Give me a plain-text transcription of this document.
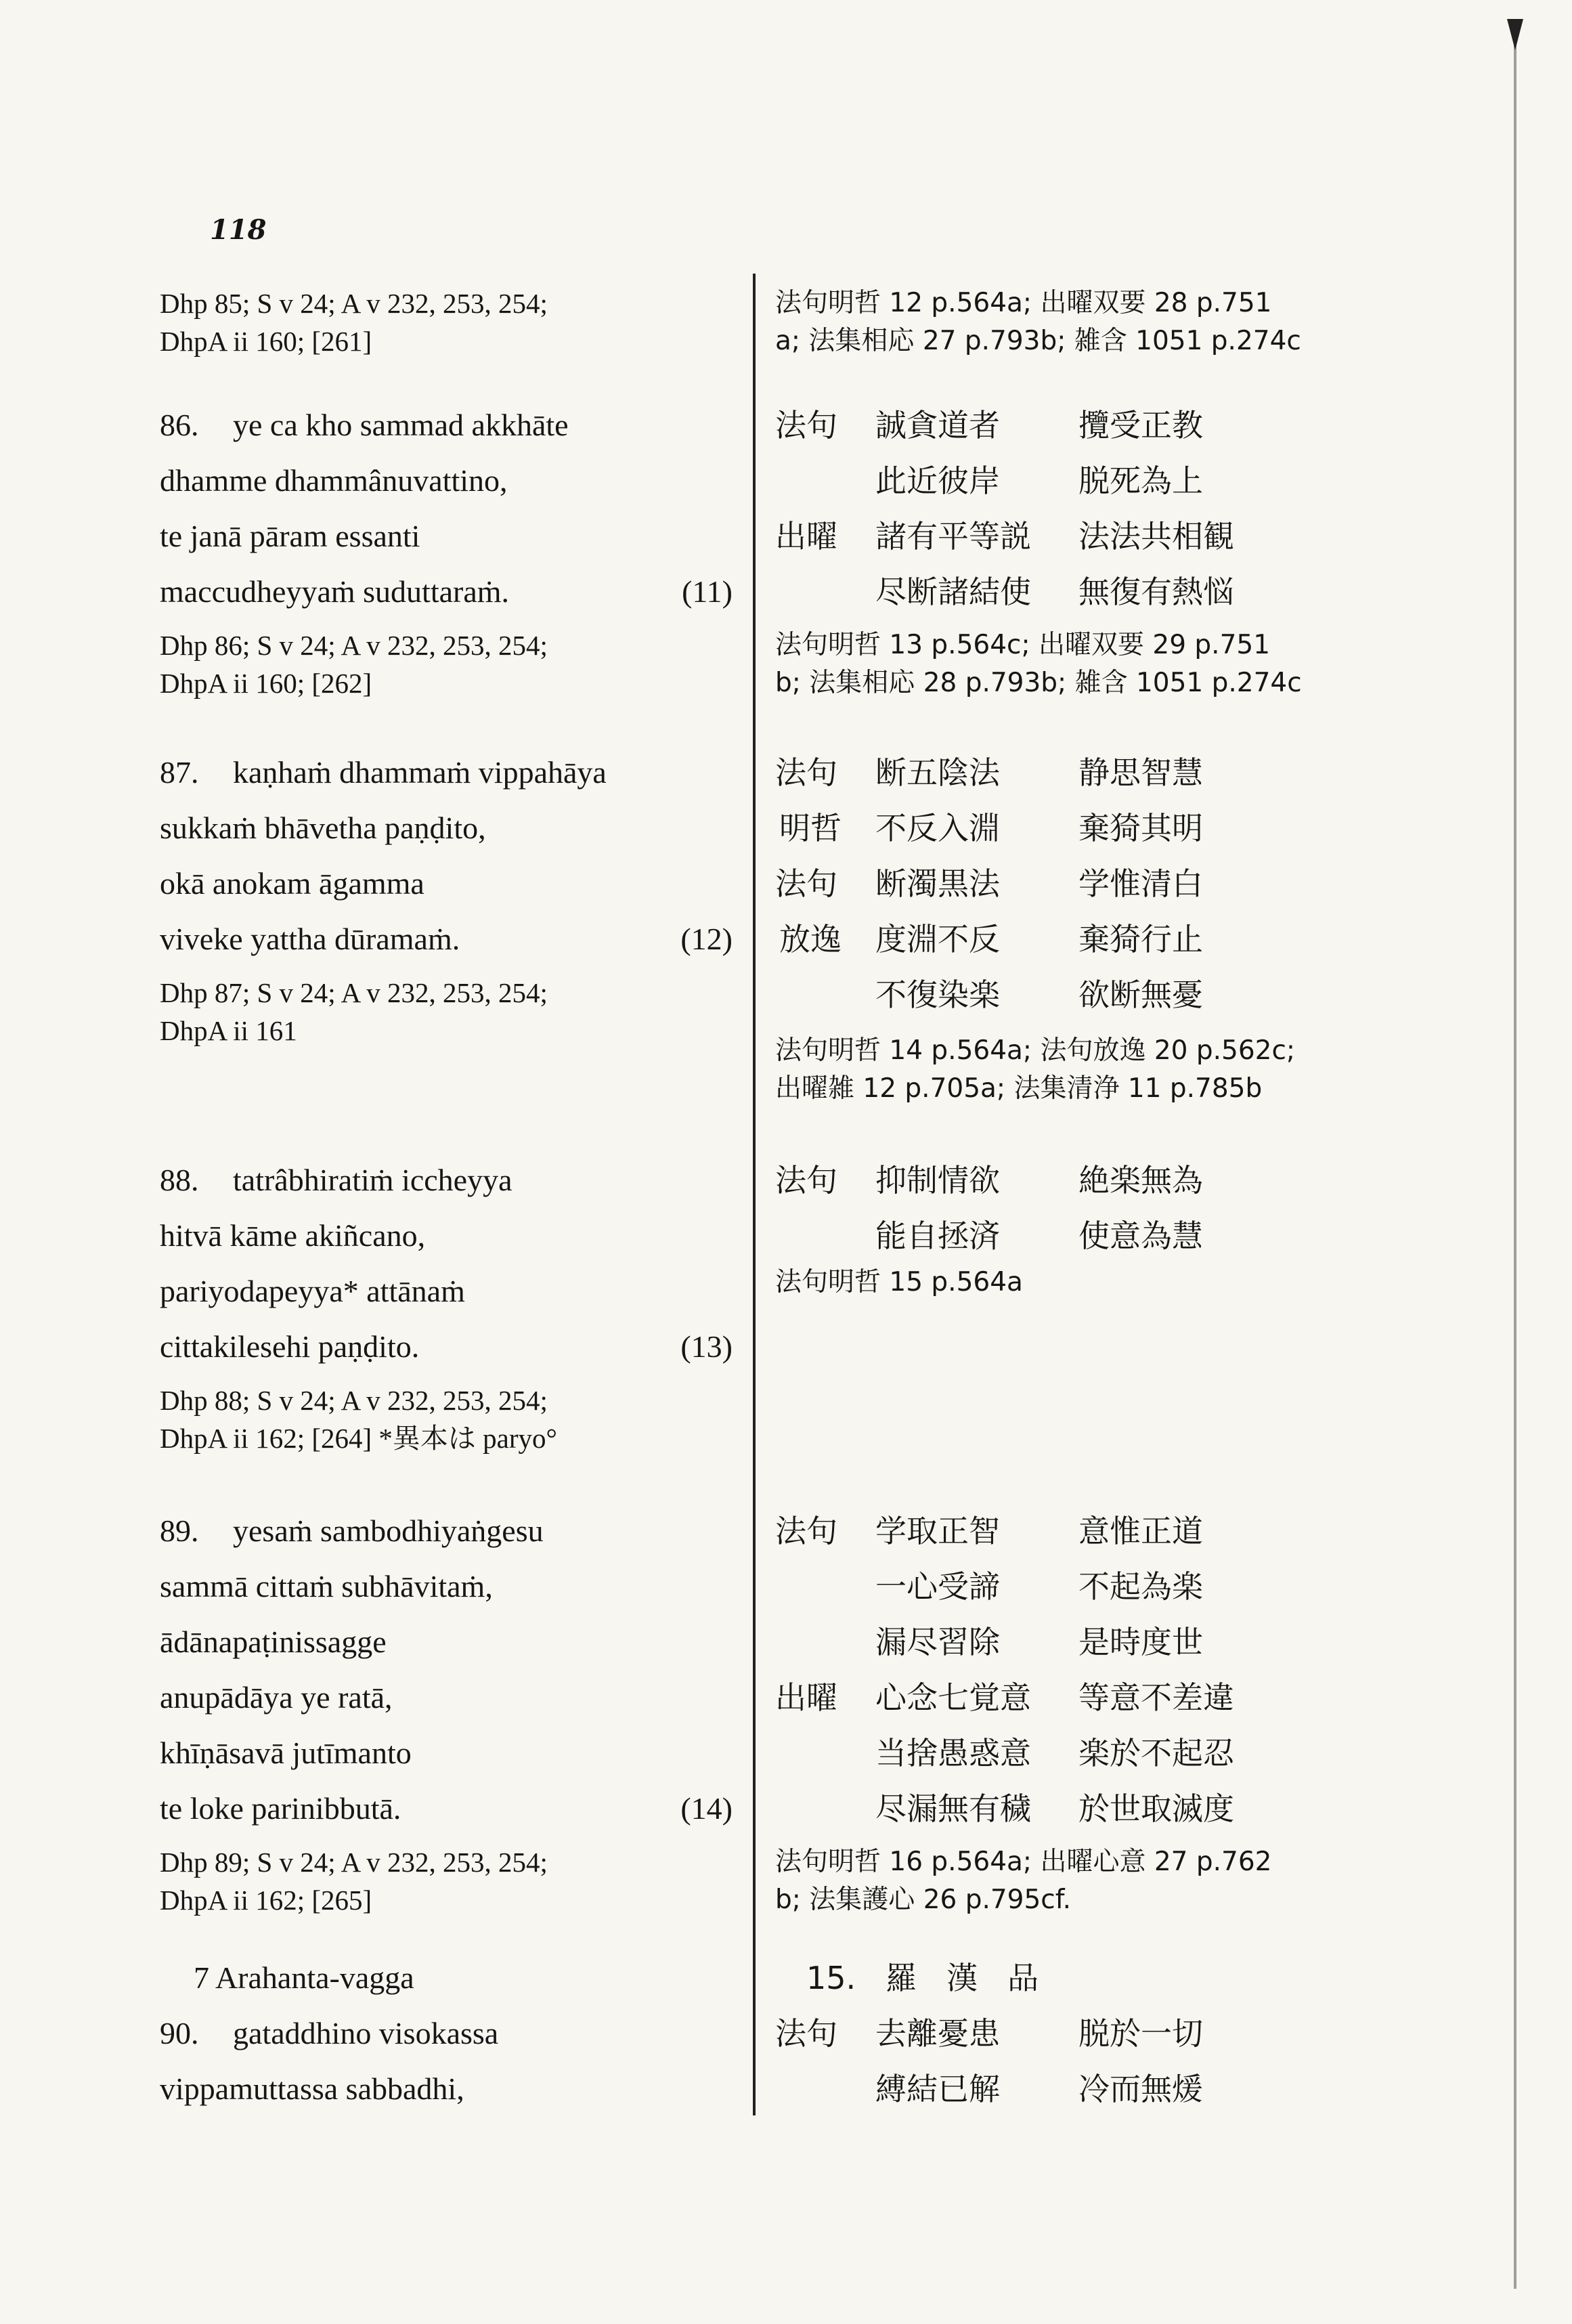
118
Dhp 85; S v 24; A v 232, 253, 254;
DhpA ii 160; [261]
86. ye ca kho sammad akkhāte
dhamme dhammânuvattino,
te janā pāram essanti
maccudheyyaṁ suduttaraṁ.	(11)
Dhp 86; S v 24; A v 232, 253, 254;
DhpA ii 160; [262]
87. kaṇhaṁ dhammaṁ vippahāya
sukkaṁ bhāvetha paṇḍito,
okā anokam āgamma
viveke yattha dūramaṁ.	(12)
Dhp 87; S v 24; A v 232, 253, 254;
DhpA ii 161
88. tatrâbhiratiṁ iccheyya
hitvā kāme akiñcano,
pariyodapeyya* attānaṁ
cittakilesehi paṇḍito.	(13)
Dhp 88; S v 24; A v 232, 253, 254;
DhpA ii 162; [264] *異本は paryo°
89. yesaṁ sambodhiyaṅgesu
sammā cittaṁ subhāvitaṁ,
ādānapaṭinissagge
anupādāya ye ratā,
khīṇāsavā jutīmanto
te loke parinibbutā.	(14)
Dhp 89; S v 24; A v 232, 253, 254;
DhpA ii 162; [265]
7 Arahanta-vagga
90. gataddhino visokassa
vippamuttassa sabbadhi,
法句明哲 12 p.564a; 出曜双要 28 p.751
a; 法集相応 27 p.793b; 雑含 1051 p.274c
法句 誠貪道者	攬受正教
此近彼岸	脱死為上
出曜 諸有平等説 法法共相観
尽断諸結使 無復有熱悩
法句明哲 13 p.564c; 出曜双要 29 p.751
b; 法集相応 28 p.793b; 雑含 1051 p.274c
法句 断五陰法	静思智慧
明哲 不反入淵	棄猗其明
法句 断濁黒法	学惟清白
放逸 度淵不反	棄猗行止
不復染楽	欲断無憂
法句明哲 14 p.564a; 法句放逸 20 p.562c;
出曜雑 12 p.705a; 法集清浄 11 p.785b
法句 抑制情欲	絶楽無為
能自拯済	使意為慧
法句明哲 15 p.564a
法句 学取正智	意惟正道
一心受諦	不起為楽
漏尽習除	是時度世
出曜 心念七覚意 等意不差違
当捨愚惑意 楽於不起忍
尽漏無有穢 於世取滅度
法句明哲 16 p.564a; 出曜心意 27 p.762
b; 法集護心 26 p.795cf.
15. 羅 漢 品
法句 去離憂患	脱於一切
縛結已解	冷而無煖
